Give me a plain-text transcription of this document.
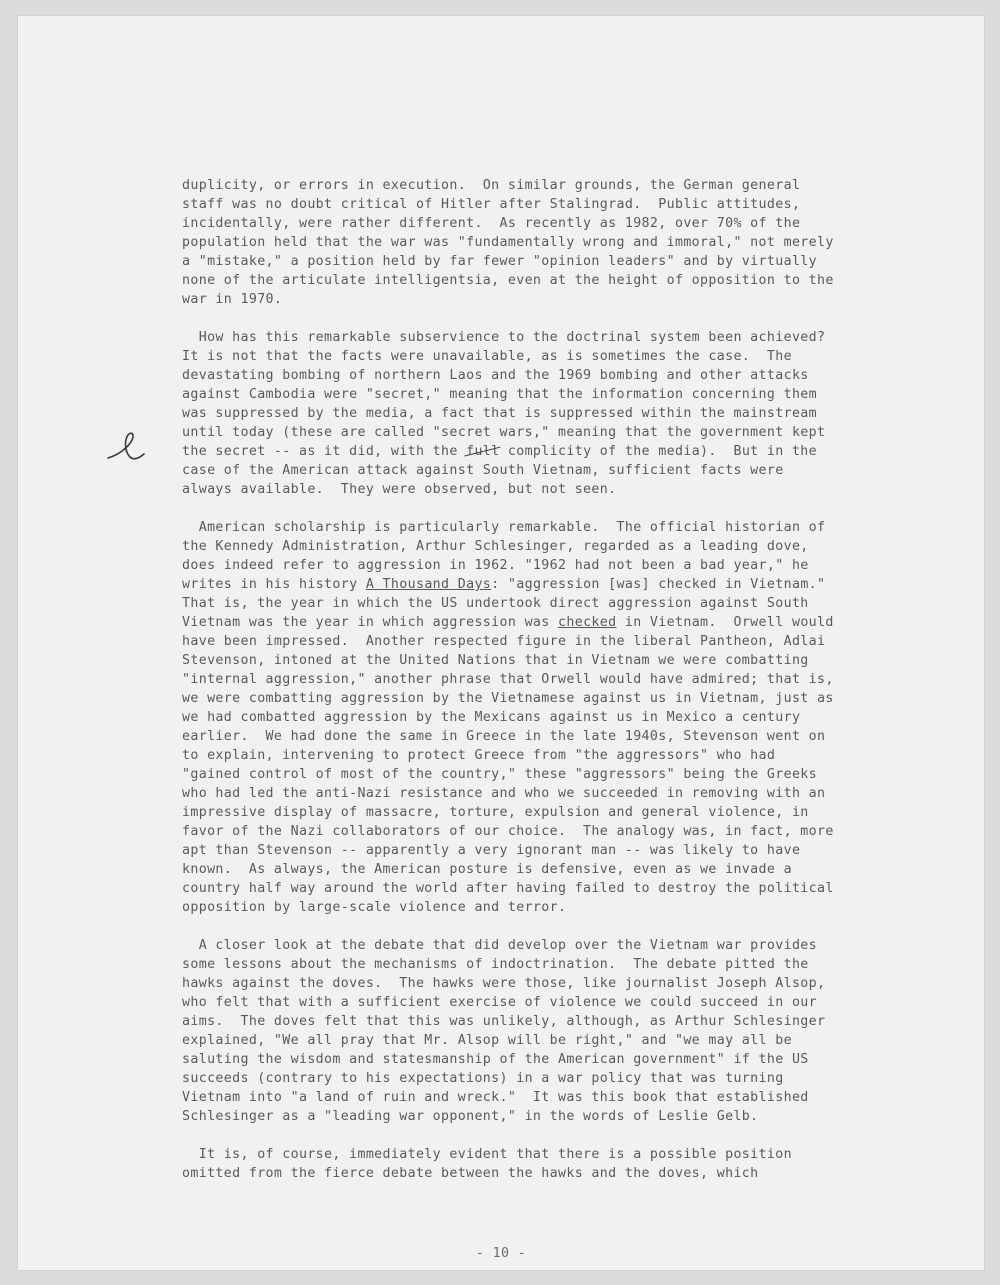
duplicity, or errors in execution.  On similar grounds, the German general
staff was no doubt critical of Hitler after Stalingrad.  Public attitudes,
incidentally, were rather different.  As recently as 1982, over 70% of the
population held that the war was "fundamentally wrong and immoral," not merely
a "mistake," a position held by far fewer "opinion leaders" and by virtually
none of the articulate intelligentsia, even at the height of opposition to the
war in 1970.
How has this remarkable subservience to the doctrinal system been achieved?
It is not that the facts were unavailable, as is sometimes the case.  The
devastating bombing of northern Laos and the 1969 bombing and other attacks
against Cambodia were "secret," meaning that the information concerning them
was suppressed by the media, a fact that is suppressed within the mainstream
until today (these are called "secret wars," meaning that the government kept
the secret -- as it did, with the full complicity of the media).  But in the
case of the American attack against South Vietnam, sufficient facts were
always available.  They were observed, but not seen.
American scholarship is particularly remarkable.  The official historian of
the Kennedy Administration, Arthur Schlesinger, regarded as a leading dove,
does indeed refer to aggression in 1962. "1962 had not been a bad year," he
writes in his history A Thousand Days: "aggression [was] checked in Vietnam."
That is, the year in which the US undertook direct aggression against South
Vietnam was the year in which aggression was checked in Vietnam.  Orwell would
have been impressed.  Another respected figure in the liberal Pantheon, Adlai
Stevenson, intoned at the United Nations that in Vietnam we were combatting
"internal aggression," another phrase that Orwell would have admired; that is,
we were combatting aggression by the Vietnamese against us in Vietnam, just as
we had combatted aggression by the Mexicans against us in Mexico a century
earlier.  We had done the same in Greece in the late 1940s, Stevenson went on
to explain, intervening to protect Greece from "the aggressors" who had
"gained control of most of the country," these "aggressors" being the Greeks
who had led the anti-Nazi resistance and who we succeeded in removing with an
impressive display of massacre, torture, expulsion and general violence, in
favor of the Nazi collaborators of our choice.  The analogy was, in fact, more
apt than Stevenson -- apparently a very ignorant man -- was likely to have
known.  As always, the American posture is defensive, even as we invade a
country half way around the world after having failed to destroy the political
opposition by large-scale violence and terror.
A closer look at the debate that did develop over the Vietnam war provides
some lessons about the mechanisms of indoctrination.  The debate pitted the
hawks against the doves.  The hawks were those, like journalist Joseph Alsop,
who felt that with a sufficient exercise of violence we could succeed in our
aims.  The doves felt that this was unlikely, although, as Arthur Schlesinger
explained, "We all pray that Mr. Alsop will be right," and "we may all be
saluting the wisdom and statesmanship of the American government" if the US
succeeds (contrary to his expectations) in a war policy that was turning
Vietnam into "a land of ruin and wreck."  It was this book that established
Schlesinger as a "leading war opponent," in the words of Leslie Gelb.
It is, of course, immediately evident that there is a possible position
omitted from the fierce debate between the hawks and the doves, which
- 10 -
